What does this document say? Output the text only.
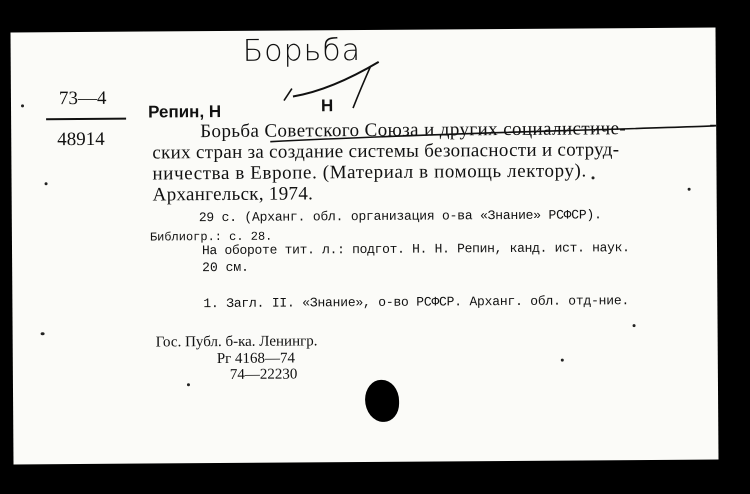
Борьба
73—4
48914
Репин, Н	Н
Борьба Советского Союза и других социалистиче-
ских стран за создание системы безопасности и сотруд-
ничества в Европе. (Материал в помощь лектору).
Архангельск, 1974.
29 с. (Арханг. обл. организация о-ва «Знание» РСФСР).
Библиогр.: с. 28.
На обороте тит. л.: подгот. Н. Н. Репин, канд. ист. наук.
20 см.
1. Загл. II. «Знание», о-во РСФСР. Арханг. обл. отд-ние.
Гос. Публ. б-ка. Ленингр.
Рг 4168—74
74—22230
